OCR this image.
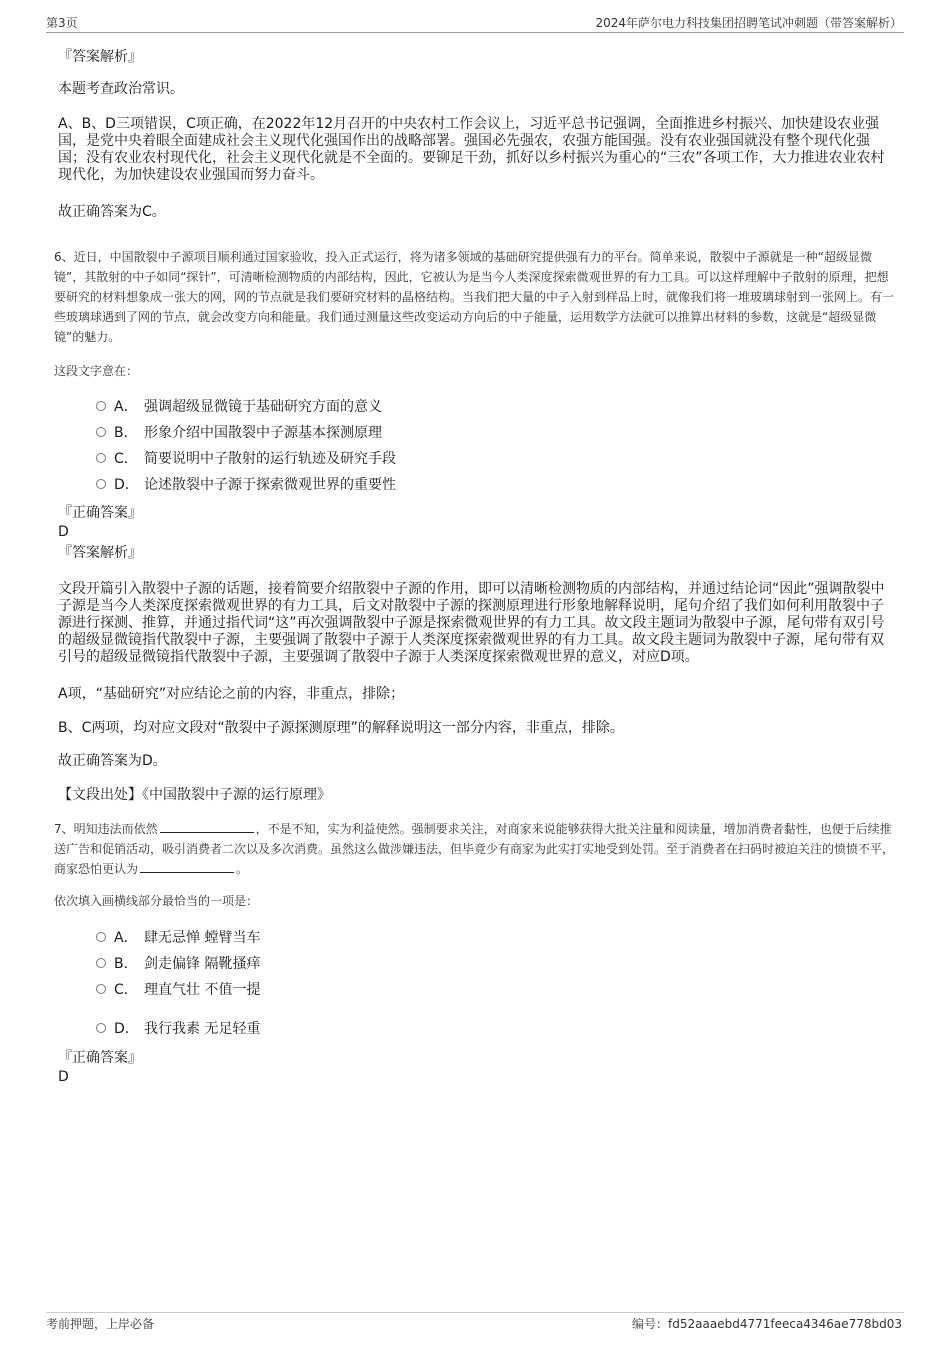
第3页	2024年萨尔电力科技集团招聘笔试冲刺题（带答案解析）

『答案解析』

本题考查政治常识。

A、B、D三项错误，C项正确，在2022年12月召开的中央农村工作会议上，习近平总书记强调，全面推进乡村振兴、加快建设农业强国，是党中央着眼全面建成社会主义现代化强国作出的战略部署。强国必先强农，农强方能国强。没有农业强国就没有整个现代化强国；没有农业农村现代化，社会主义现代化就是不全面的。要铆足干劲，抓好以乡村振兴为重心的“三农”各项工作，大力推进农业农村现代化，为加快建设农业强国而努力奋斗。

故正确答案为C。

6、近日，中国散裂中子源项目顺利通过国家验收，投入正式运行，将为诸多领域的基础研究提供强有力的平台。简单来说，散裂中子源就是一种“超级显微镜”，其散射的中子如同“探针”，可清晰检测物质的内部结构，因此，它被认为是当今人类深度探索微观世界的有力工具。可以这样理解中子散射的原理，把想要研究的材料想象成一张大的网，网的节点就是我们要研究材料的晶格结构。当我们把大量的中子入射到样品上时，就像我们将一堆玻璃球射到一张网上。有一些玻璃球遇到了网的节点，就会改变方向和能量。我们通过测量这些改变运动方向后的中子能量，运用数学方法就可以推算出材料的参数，这就是“超级显微镜”的魅力。

这段文字意在：

A． 强调超级显微镜于基础研究方面的意义
B． 形象介绍中国散裂中子源基本探测原理
C． 简要说明中子散射的运行轨迹及研究手段
D． 论述散裂中子源于探索微观世界的重要性

『正确答案』

D

『答案解析』

文段开篇引入散裂中子源的话题，接着简要介绍散裂中子源的作用，即可以清晰检测物质的内部结构，并通过结论词“因此”强调散裂中子源是当今人类深度探索微观世界的有力工具，后文对散裂中子源的探测原理进行形象地解释说明，尾句介绍了我们如何利用散裂中子源进行探测、推算，并通过指代词“这”再次强调散裂中子源是探索微观世界的有力工具。故文段主题词为散裂中子源，尾句带有双引号的超级显微镜指代散裂中子源，主要强调了散裂中子源于人类深度探索微观世界的有力工具。故文段主题词为散裂中子源，尾句带有双引号的超级显微镜指代散裂中子源，主要强调了散裂中子源于人类深度探索微观世界的意义，对应D项。

A项，“基础研究”对应结论之前的内容，非重点，排除；

B、C两项，均对应文段对“散裂中子源探测原理”的解释说明这一部分内容，非重点，排除。

故正确答案为D。

【文段出处】《中国散裂中子源的运行原理》

7、明知违法而依然	，不是不知，实为利益使然。强制要求关注，对商家来说能够获得大批关注量和阅读量，增加消费者黏性，也便于后续推送广告和促销活动，吸引消费者二次以及多次消费。虽然这么做涉嫌违法，但毕竟少有商家为此实打实地受到处罚。至于消费者在扫码时被迫关注的愤愤不平，商家恐怕更认为	。

依次填入画横线部分最恰当的一项是：

A． 肆无忌惮 螳臂当车
B． 剑走偏锋 隔靴搔痒
C． 理直气壮 不值一提
D． 我行我素 无足轻重

『正确答案』

D

考前押题，上岸必备	编号：fd52aaaebd4771feeca4346ae778bd03
